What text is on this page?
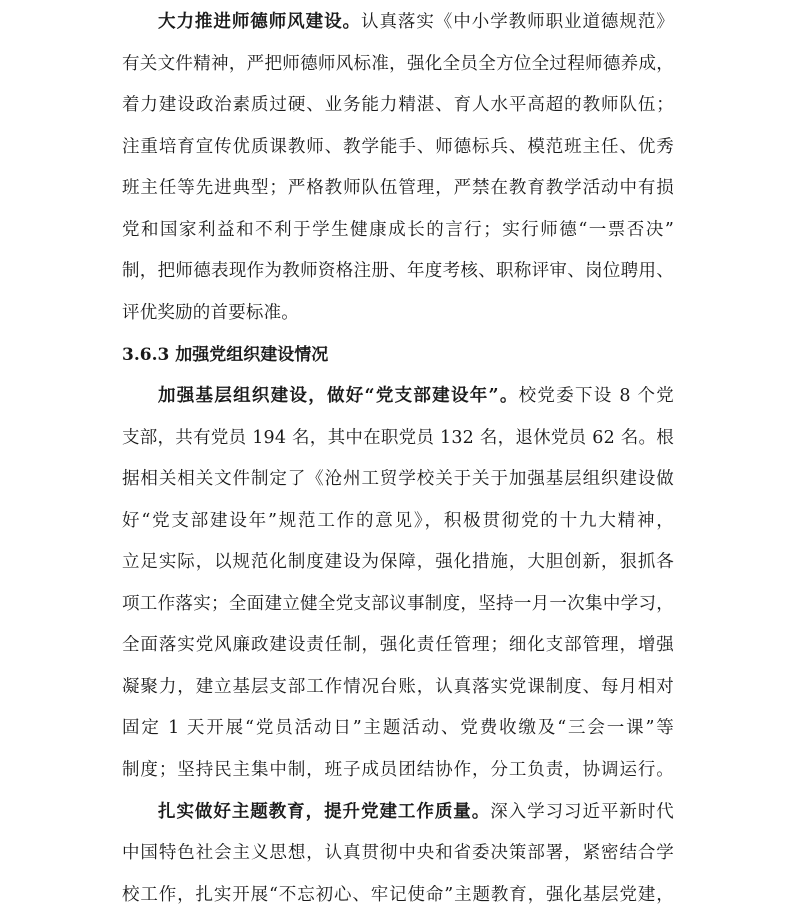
大力推进师德师风建设。认真落实《中小学教师职业道德规范》
有关文件精神，严把师德师风标准，强化全员全方位全过程师德养成，
着力建设政治素质过硬、业务能力精湛、育人水平高超的教师队伍；
注重培育宣传优质课教师、教学能手、师德标兵、模范班主任、优秀
班主任等先进典型；严格教师队伍管理，严禁在教育教学活动中有损
党和国家利益和不利于学生健康成长的言行；实行师德“一票否决”
制，把师德表现作为教师资格注册、年度考核、职称评审、岗位聘用、
评优奖励的首要标准。
3.6.3 加强党组织建设情况
加强基层组织建设，做好“党支部建设年”。校党委下设 8 个党
支部，共有党员 194 名，其中在职党员 132 名，退休党员 62 名。根
据相关相关文件制定了《沧州工贸学校关于关于加强基层组织建设做
好“党支部建设年”规范工作的意见》，积极贯彻党的十九大精神，
立足实际，以规范化制度建设为保障，强化措施，大胆创新，狠抓各
项工作落实；全面建立健全党支部议事制度，坚持一月一次集中学习，
全面落实党风廉政建设责任制，强化责任管理；细化支部管理，增强
凝聚力，建立基层支部工作情况台账，认真落实党课制度、每月相对
固定 1 天开展“党员活动日”主题活动、党费收缴及“三会一课”等
制度；坚持民主集中制，班子成员团结协作，分工负责，协调运行。
扎实做好主题教育，提升党建工作质量。深入学习习近平新时代
中国特色社会主义思想，认真贯彻中央和省委决策部署，紧密结合学
校工作，扎实开展“不忘初心、牢记使命”主题教育，强化基层党建，
